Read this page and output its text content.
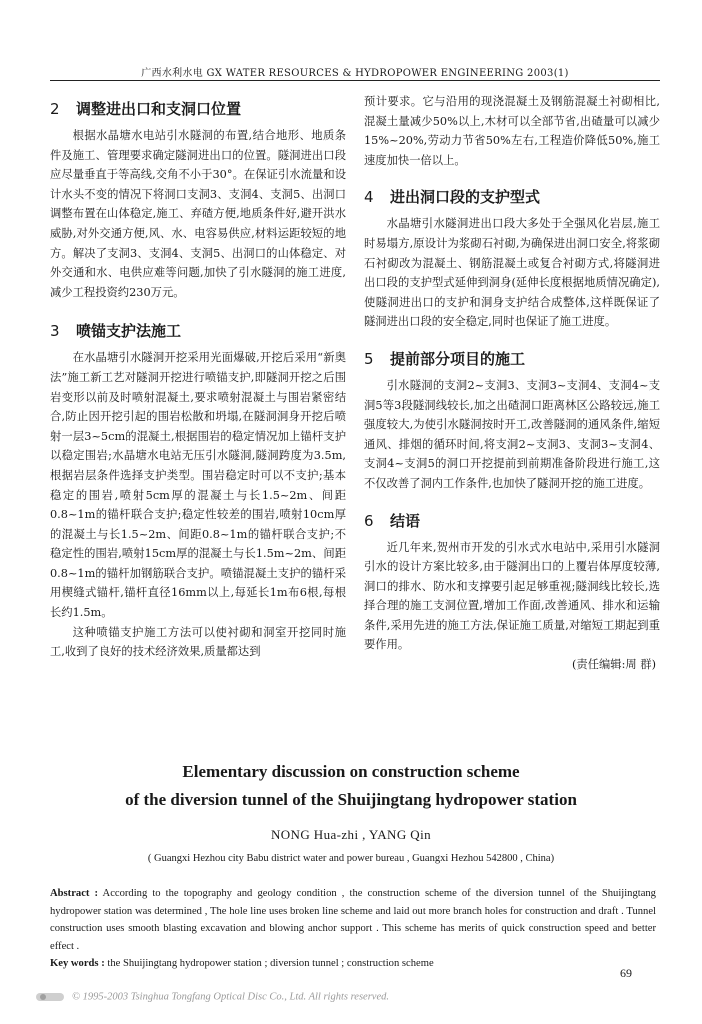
广西水利水电 GX WATER RESOURCES & HYDROPOWER ENGINEERING 2003(1)
2 调整进出口和支洞口位置

根据水晶塘水电站引水隧洞的布置,结合地形、地质条件及施工、管理要求确定隧洞进出口的位置。隧洞进出口段应尽量垂直于等高线,交角不小于30°。在保证引水流量和设计水头不变的情况下将洞口支洞3、支洞4、支洞5、出洞口调整布置在山体稳定,施工、弃碴方便,地质条件好,避开洪水威胁,对外交通方便,风、水、电容易供应,材料运距较短的地方。解决了支洞3、支洞4、支洞5、出洞口的山体稳定、对外交通和水、电供应难等问题,加快了引水隧洞的施工进度,减少工程投资约230万元。

3 喷锚支护法施工

在水晶塘引水隧洞开挖采用光面爆破,开挖后采用“新奥法”施工新工艺对隧洞开挖进行喷锚支护,即隧洞开挖之后围岩变形以前及时喷射混凝土,要求喷射混凝土与围岩紧密结合,防止因开挖引起的围岩松散和坍塌,在隧洞洞身开挖后喷射一层3~5cm的混凝土,根据围岩的稳定情况加上锚杆支护以稳定围岩;水晶塘水电站无压引水隧洞,隧洞跨度为3.5m,根据岩层条件选择支护类型。围岩稳定时可以不支护;基本稳定的围岩,喷射5cm厚的混凝土与长1.5~2m、间距0.8~1m的锚杆联合支护;稳定性较差的围岩,喷射10cm厚的混凝土与长1.5~2m、间距0.8~1m的锚杆联合支护;不稳定性的围岩,喷射15cm厚的混凝土与长1.5m~2m、间距0.8~1m的锚杆加钢筋联合支护。喷锚混凝土支护的锚杆采用楔缝式锚杆,锚杆直径16mm以上,每延长1m布6根,每根长约1.5m。

这种喷锚支护施工方法可以使衬砌和洞室开挖同时施工,收到了良好的技术经济效果,质量都达到

预计要求。它与沿用的现浇混凝土及钢筋混凝土衬砌相比,混凝土量减少50%以上,木材可以全部节省,出碴量可以减少15%~20%,劳动力节省50%左右,工程造价降低50%,施工速度加快一倍以上。

4 进出洞口段的支护型式

水晶塘引水隧洞进出口段大多处于全强风化岩层,施工时易塌方,原设计为浆砌石衬砌,为确保进出洞口安全,将浆砌石衬砌改为混凝土、钢筋混凝土或复合衬砌方式,将隧洞进出口段的支护型式延伸到洞身(延伸长度根据地质情况确定),使隧洞进出口的支护和洞身支护结合成整体,这样既保证了隧洞进出口段的安全稳定,同时也保证了施工进度。

5 提前部分项目的施工

引水隧洞的支洞2~支洞3、支洞3~支洞4、支洞4~支洞5等3段隧洞线较长,加之出碴洞口距离林区公路较远,施工强度较大,为使引水隧洞按时开工,改善隧洞的通风条件,缩短通风、排烟的循环时间,将支洞2~支洞3、支洞3~支洞4、支洞4~支洞5的洞口开挖提前到前期准备阶段进行施工,这不仅改善了洞内工作条件,也加快了隧洞开挖的施工进度。

6 结语

近几年来,贺州市开发的引水式水电站中,采用引水隧洞引水的设计方案比较多,由于隧洞出口的上覆岩体厚度较薄,洞口的排水、防水和支撑要引起足够重视;隧洞线比较长,选择合理的施工支洞位置,增加工作面,改善通风、排水和运输条件,采用先进的施工方法,保证施工质量,对缩短工期起到重要作用。

(责任编辑:周 群)

Elementary discussion on construction scheme
of the diversion tunnel of the Shuijingtang hydropower station
NONG Hua-zhi , YANG Qin
( Guangxi Hezhou city Babu district water and power bureau , Guangxi Hezhou 542800 , China)
Abstract : According to the topography and geology condition , the construction scheme of the diversion tunnel of the Shuijingtang hydropower station was determined , The hole line uses broken line scheme and laid out more branch holes for construction and draft . Tunnel construction uses smooth blasting excavation and blowing anchor support . This scheme has merits of quick construction speed and better effect .
Key words : the Shuijingtang hydropower station ; diversion tunnel ; construction scheme
69
© 1995-2003 Tsinghua Tongfang Optical Disc Co., Ltd. All rights reserved.
